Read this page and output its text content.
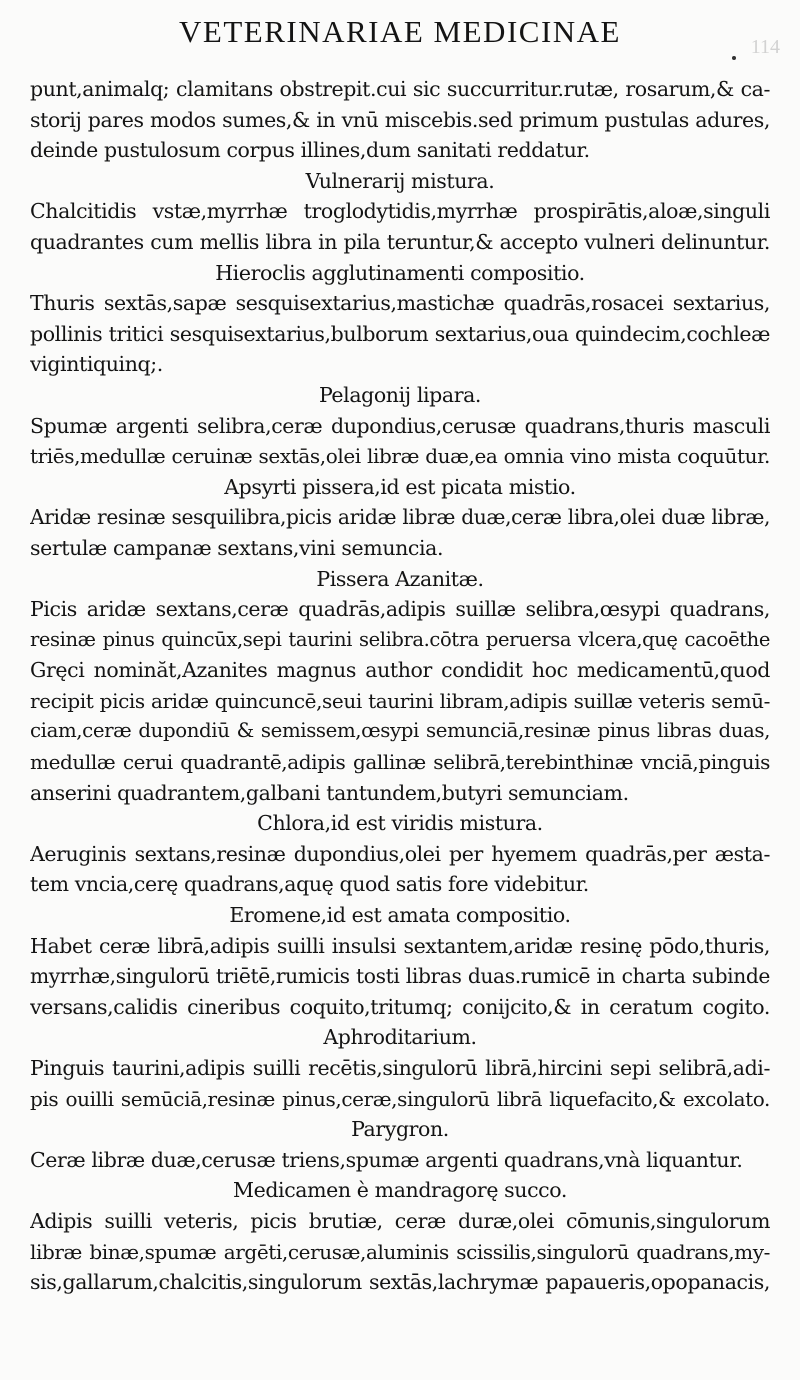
VETERINARIAE MEDICINAE	114
punt,animalq; clamitans obstrepit.cui sic succurritur.rutæ, rosarum,& ca-
storij pares modos sumes,& in vnū miscebis.sed primum pustulas adures,
deinde pustulosum corpus illines,dum sanitati reddatur.
Vulnerarij mistura.
Chalcitidis vstæ,myrrhæ troglodytidis,myrrhæ prospirātis,aloæ,singuli
quadrantes cum mellis libra in pila teruntur,& accepto vulneri delinuntur.
Hieroclis agglutinamenti compositio.
Thuris sextās,sapæ sesquisextarius,mastichæ quadrās,rosacei sextarius,
pollinis tritici sesquisextarius,bulborum sextarius,oua quindecim,cochleæ
vigintiquinq;.
Pelagonij lipara.
Spumæ argenti selibra,ceræ dupondius,cerusæ quadrans,thuris masculi
triēs,medullæ ceruinæ sextās,olei libræ duæ,ea omnia vino mista coquūtur.
Apsyrti pissera,id est picata mistio.
Aridæ resinæ sesquilibra,picis aridæ libræ duæ,ceræ libra,olei duæ libræ,
sertulæ campanæ sextans,vini semuncia.
Pissera Azanitæ.
Picis aridæ sextans,ceræ quadrās,adipis suillæ selibra,œsypi quadrans,
resinæ pinus quincūx,sepi taurini selibra.cōtra peruersa vlcera,quę cacoēthe
Gręci nominăt,Azanites magnus author condidit hoc medicamentū,quod
recipit picis aridæ quincuncē,seui taurini libram,adipis suillæ veteris semū-
ciam,ceræ dupondiū & semissem,œsypi semunciā,resinæ pinus libras duas,
medullæ cerui quadrantē,adipis gallinæ selibrā,terebinthinæ vnciā,pinguis
anserini quadrantem,galbani tantundem,butyri semunciam.
Chlora,id est viridis mistura.
Aeruginis sextans,resinæ dupondius,olei per hyemem quadrās,per æsta-
tem vncia,cerę quadrans,aquę quod satis fore videbitur.
Eromene,id est amata compositio.
Habet ceræ librā,adipis suilli insulsi sextantem,aridæ resinę pōdo,thuris,
myrrhæ,singulorū triētē,rumicis tosti libras duas.rumicē in charta subinde
versans,calidis cineribus coquito,tritumq; conijcito,& in ceratum cogito.
Aphroditarium.
Pinguis taurini,adipis suilli recētis,singulorū librā,hircini sepi selibrā,adi-
pis ouilli semūciā,resinæ pinus,ceræ,singulorū librā liquefacito,& excolato.
Parygron.
Ceræ libræ duæ,cerusæ triens,spumæ argenti quadrans,vnà liquantur.
Medicamen è mandragorę succo.
Adipis suilli veteris, picis brutiæ, ceræ duræ,olei cōmunis,singulorum
libræ binæ,spumæ argēti,cerusæ,aluminis scissilis,singulorū quadrans,my-
sis,gallarum,chalcitis,singulorum sextās,lachrymæ papaueris,opopanacis,
